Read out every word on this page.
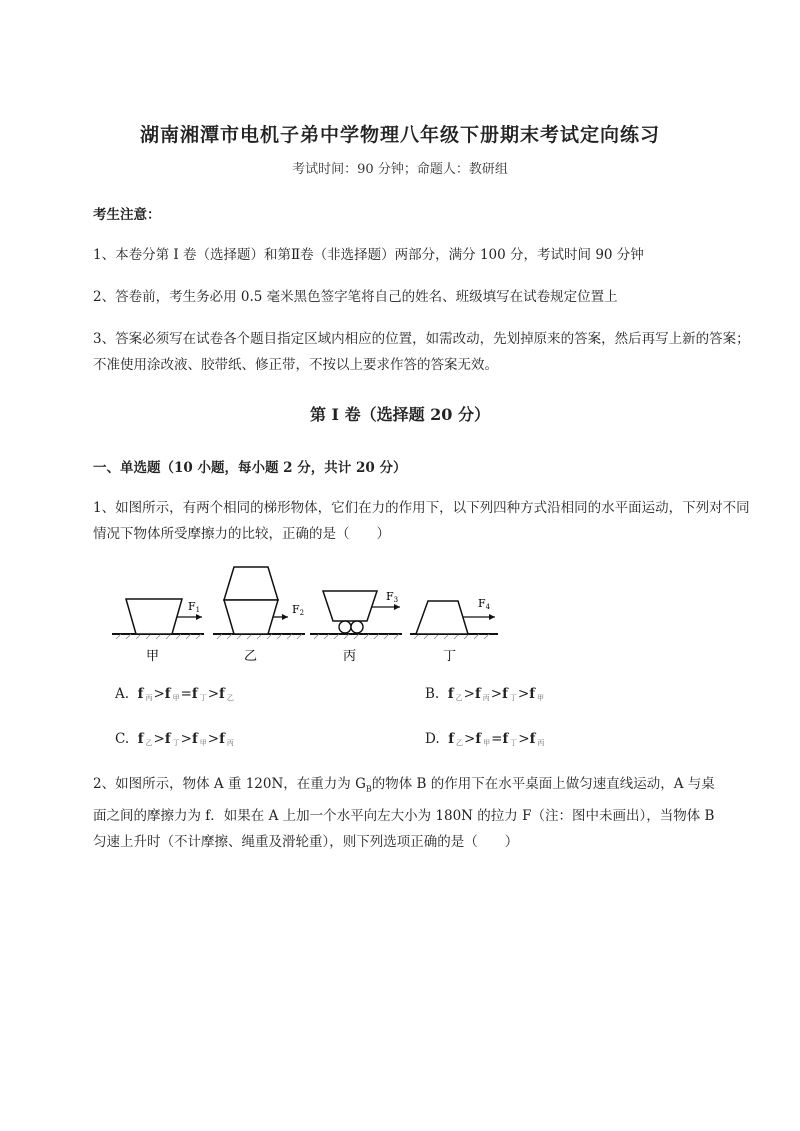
湖南湘潭市电机子弟中学物理八年级下册期末考试定向练习
考试时间：90 分钟；命题人：教研组
考生注意：
1、本卷分第 I 卷（选择题）和第Ⅱ卷（非选择题）两部分，满分 100 分，考试时间 90 分钟
2、答卷前，考生务必用 0.5 毫米黑色签字笔将自己的姓名、班级填写在试卷规定位置上
3、答案必须写在试卷各个题目指定区域内相应的位置，如需改动，先划掉原来的答案，然后再写上新的答案；不准使用涂改液、胶带纸、修正带，不按以上要求作答的答案无效。
第 I 卷（选择题 20 分）
一、单选题（10 小题，每小题 2 分，共计 20 分）
1、如图所示，有两个相同的梯形物体，它们在力的作用下，以下列四种方式沿相同的水平面运动，下列对不同情况下物体所受摩擦力的比较，正确的是（　　）
F1
甲
F2
乙
F3
丙
F4
丁
A. f $_丙$>f $_甲$=f $_丁$>f $_乙$	B. f $_乙$>f $_丙$>f $_丁$>f $_甲$
C. f $_乙$>f $_丁$>f $_甲$>f $_丙$	D. f $_乙$>f $_甲$=f $_丁$>f $_丙$
2、如图所示，物体 A 重 120N，在重力为 $G_B$的物体 B 的作用下在水平桌面上做匀速直线运动，A 与桌
面之间的摩擦力为 f．如果在 A 上加一个水平向左大小为 180N 的拉力 F（注：图中未画出），当物体 B
匀速上升时（不计摩擦、绳重及滑轮重），则下列选项正确的是（　　）
